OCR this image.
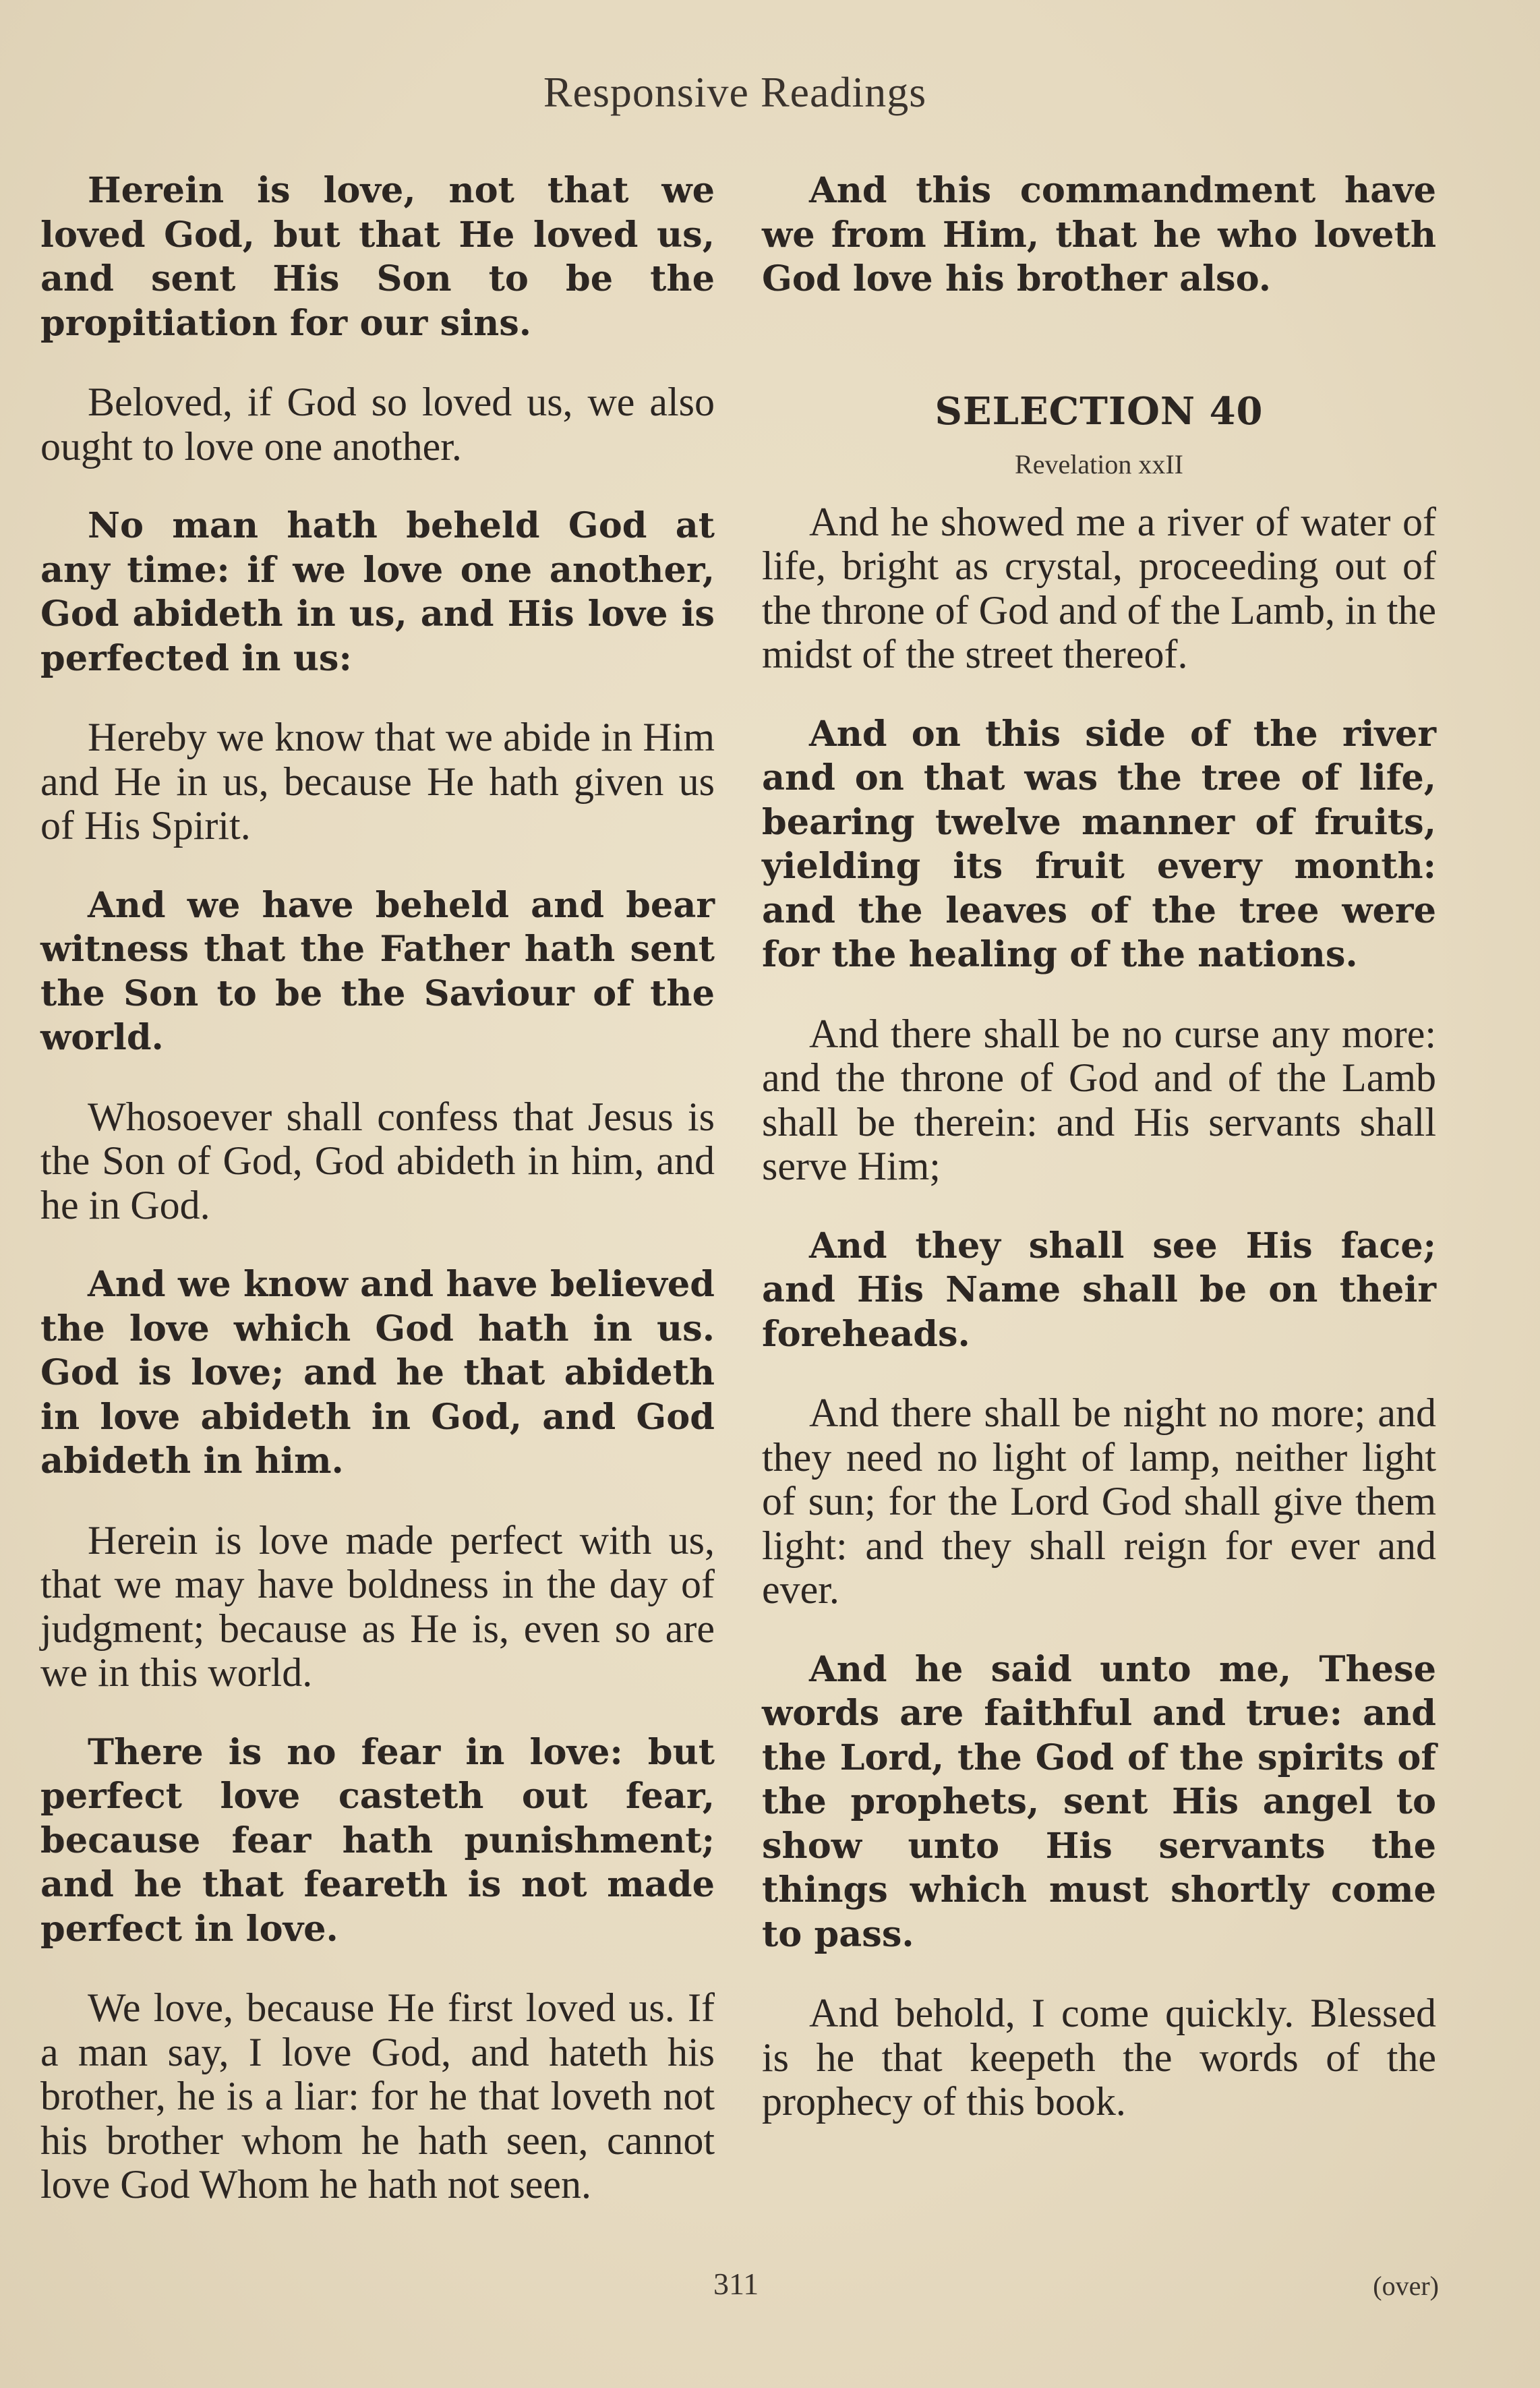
Responsive Readings

Herein is love, not that we loved God, but that He loved us, and sent His Son to be the propitiation for our sins.

Beloved, if God so loved us, we also ought to love one another.

No man hath beheld God at any time: if we love one another, God abideth in us, and His love is perfected in us:

Hereby we know that we abide in Him and He in us, because He hath given us of His Spirit.

And we have beheld and bear witness that the Father hath sent the Son to be the Saviour of the world.

Whosoever shall confess that Jesus is the Son of God, God abideth in him, and he in God.

And we know and have believed the love which God hath in us. God is love; and he that abideth in love abideth in God, and God abideth in him.

Herein is love made perfect with us, that we may have boldness in the day of judgment; because as He is, even so are we in this world.

There is no fear in love: but perfect love casteth out fear, because fear hath punishment; and he that feareth is not made perfect in love.

We love, because He first loved us. If a man say, I love God, and hateth his brother, he is a liar: for he that loveth not his brother whom he hath seen, cannot love God Whom he hath not seen.

And this commandment have we from Him, that he who loveth God love his brother also.

SELECTION 40
Revelation xxII

And he showed me a river of water of life, bright as crystal, proceeding out of the throne of God and of the Lamb, in the midst of the street thereof.

And on this side of the river and on that was the tree of life, bearing twelve manner of fruits, yielding its fruit every month: and the leaves of the tree were for the healing of the nations.

And there shall be no curse any more: and the throne of God and of the Lamb shall be therein: and His servants shall serve Him;

And they shall see His face; and His Name shall be on their foreheads.

And there shall be night no more; and they need no light of lamp, neither light of sun; for the Lord God shall give them light: and they shall reign for ever and ever.

And he said unto me, These words are faithful and true: and the Lord, the God of the spirits of the prophets, sent His angel to show unto His servants the things which must shortly come to pass.

And behold, I come quickly. Blessed is he that keepeth the words of the prophecy of this book.

311	(over)
